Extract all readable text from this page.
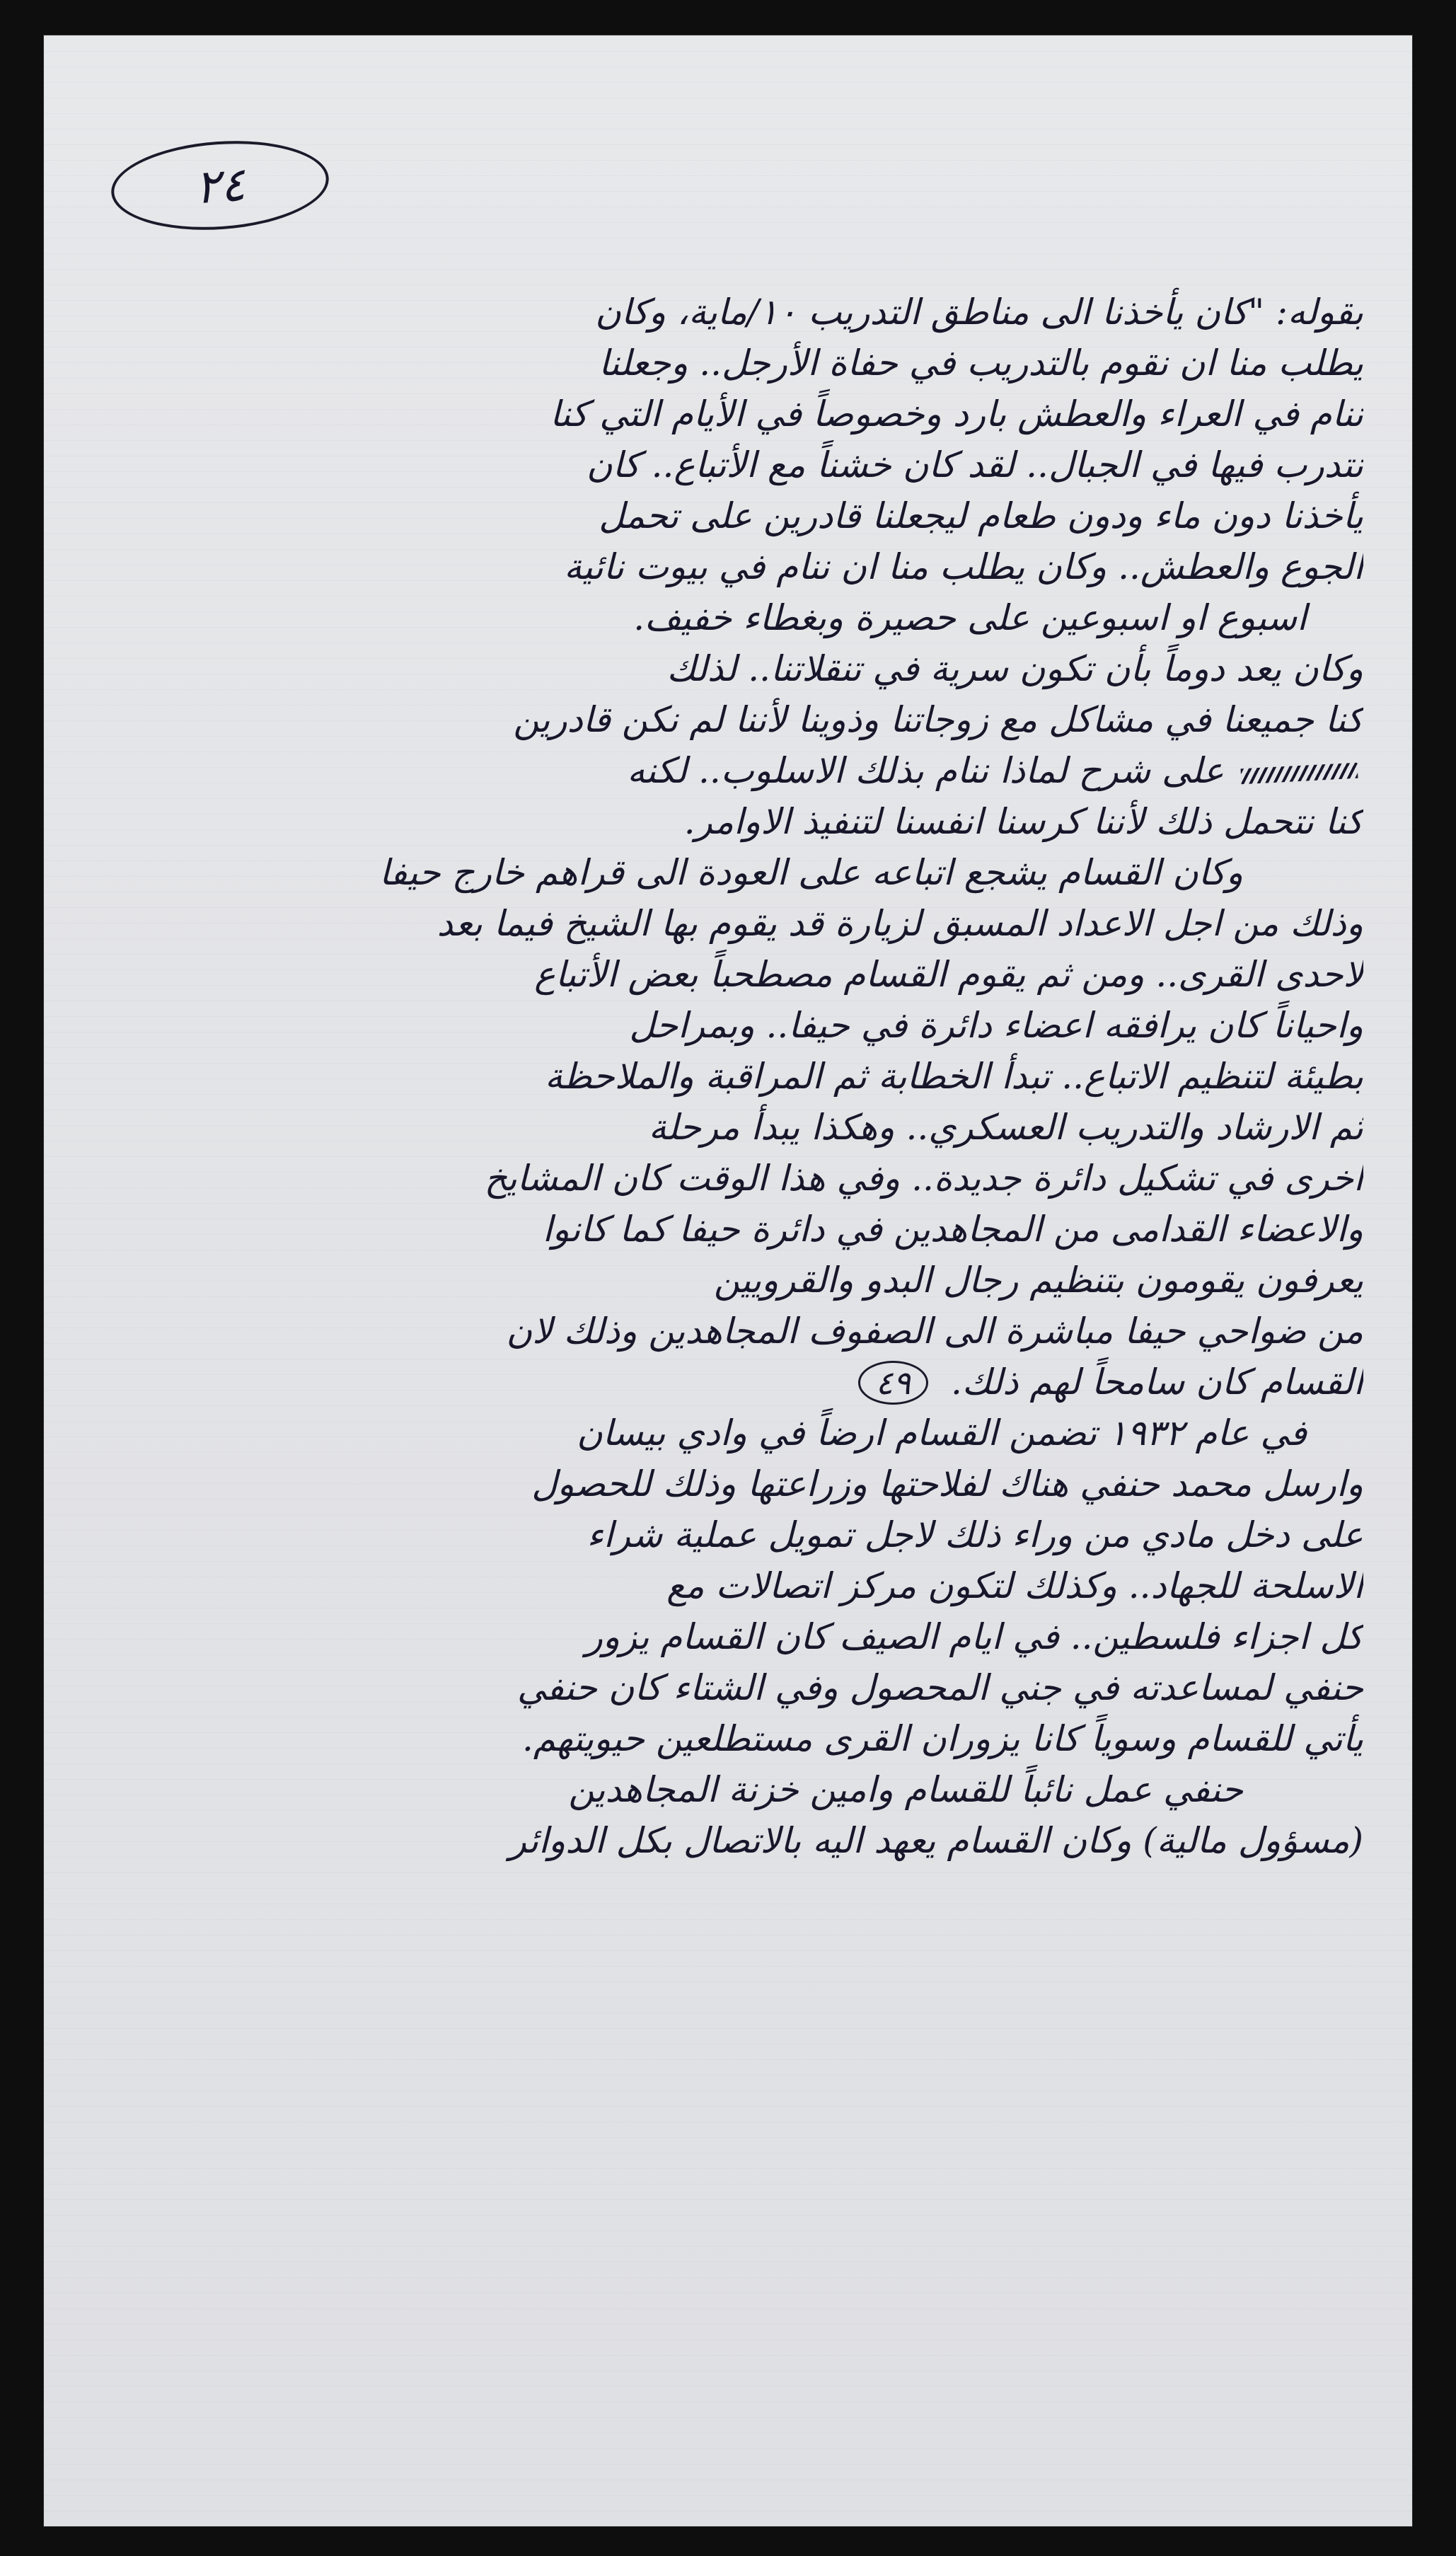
٢٤
بقوله: "كان يأخذنا الى مناطق التدريب ١٠/ماية، وكان
يطلب منا ان نقوم بالتدريب في حفاة الأرجل.. وجعلنا
ننام في العراء والعطش بارد وخصوصاً في الأيام التي كنا
نتدرب فيها في الجبال.. لقد كان خشناً مع الأتباع.. كان
يأخذنا دون ماء ودون طعام ليجعلنا قادرين على تحمل
الجوع والعطش.. وكان يطلب منا ان ننام في بيوت نائية
اسبوع او اسبوعين على حصيرة وبغطاء خفيف.
وكان يعد دوماً بأن تكون سرية في تنقلاتنا.. لذلك
كنا جميعنا في مشاكل مع زوجاتنا وذوينا لأننا لم نكن قادرين
على شرح لماذا ننام بذلك الاسلوب.. لكنه
كنا نتحمل ذلك لأننا كرسنا انفسنا لتنفيذ الاوامر.
وكان القسام يشجع اتباعه على العودة الى قراهم خارج حيفا
وذلك من اجل الاعداد المسبق لزيارة قد يقوم بها الشيخ فيما بعد
لاحدى القرى.. ومن ثم يقوم القسام مصطحباً بعض الأتباع
واحياناً كان يرافقه اعضاء دائرة في حيفا.. وبمراحل
بطيئة لتنظيم الاتباع.. تبدأ الخطابة ثم المراقبة والملاحظة
ثم الارشاد والتدريب العسكري.. وهكذا يبدأ مرحلة
اخرى في تشكيل دائرة جديدة.. وفي هذا الوقت كان المشايخ
والاعضاء القدامى من المجاهدين في دائرة حيفا كما كانوا
يعرفون يقومون بتنظيم رجال البدو والقرويين
من ضواحي حيفا مباشرة الى الصفوف المجاهدين وذلك لان
القسام كان سامحاً لهم ذلك. ٤٩
في عام ١٩٣٢ تضمن القسام ارضاً في وادي بيسان
وارسل محمد حنفي هناك لفلاحتها وزراعتها وذلك للحصول
على دخل مادي من وراء ذلك لاجل تمويل عملية شراء
الاسلحة للجهاد.. وكذلك لتكون مركز اتصالات مع
كل اجزاء فلسطين.. في ايام الصيف كان القسام يزور
حنفي لمساعدته في جني المحصول وفي الشتاء كان حنفي
يأتي للقسام وسوياً كانا يزوران القرى مستطلعين حيويتهم.
حنفي عمل نائباً للقسام وامين خزنة المجاهدين
(مسؤول مالية) وكان القسام يعهد اليه بالاتصال بكل الدوائر
